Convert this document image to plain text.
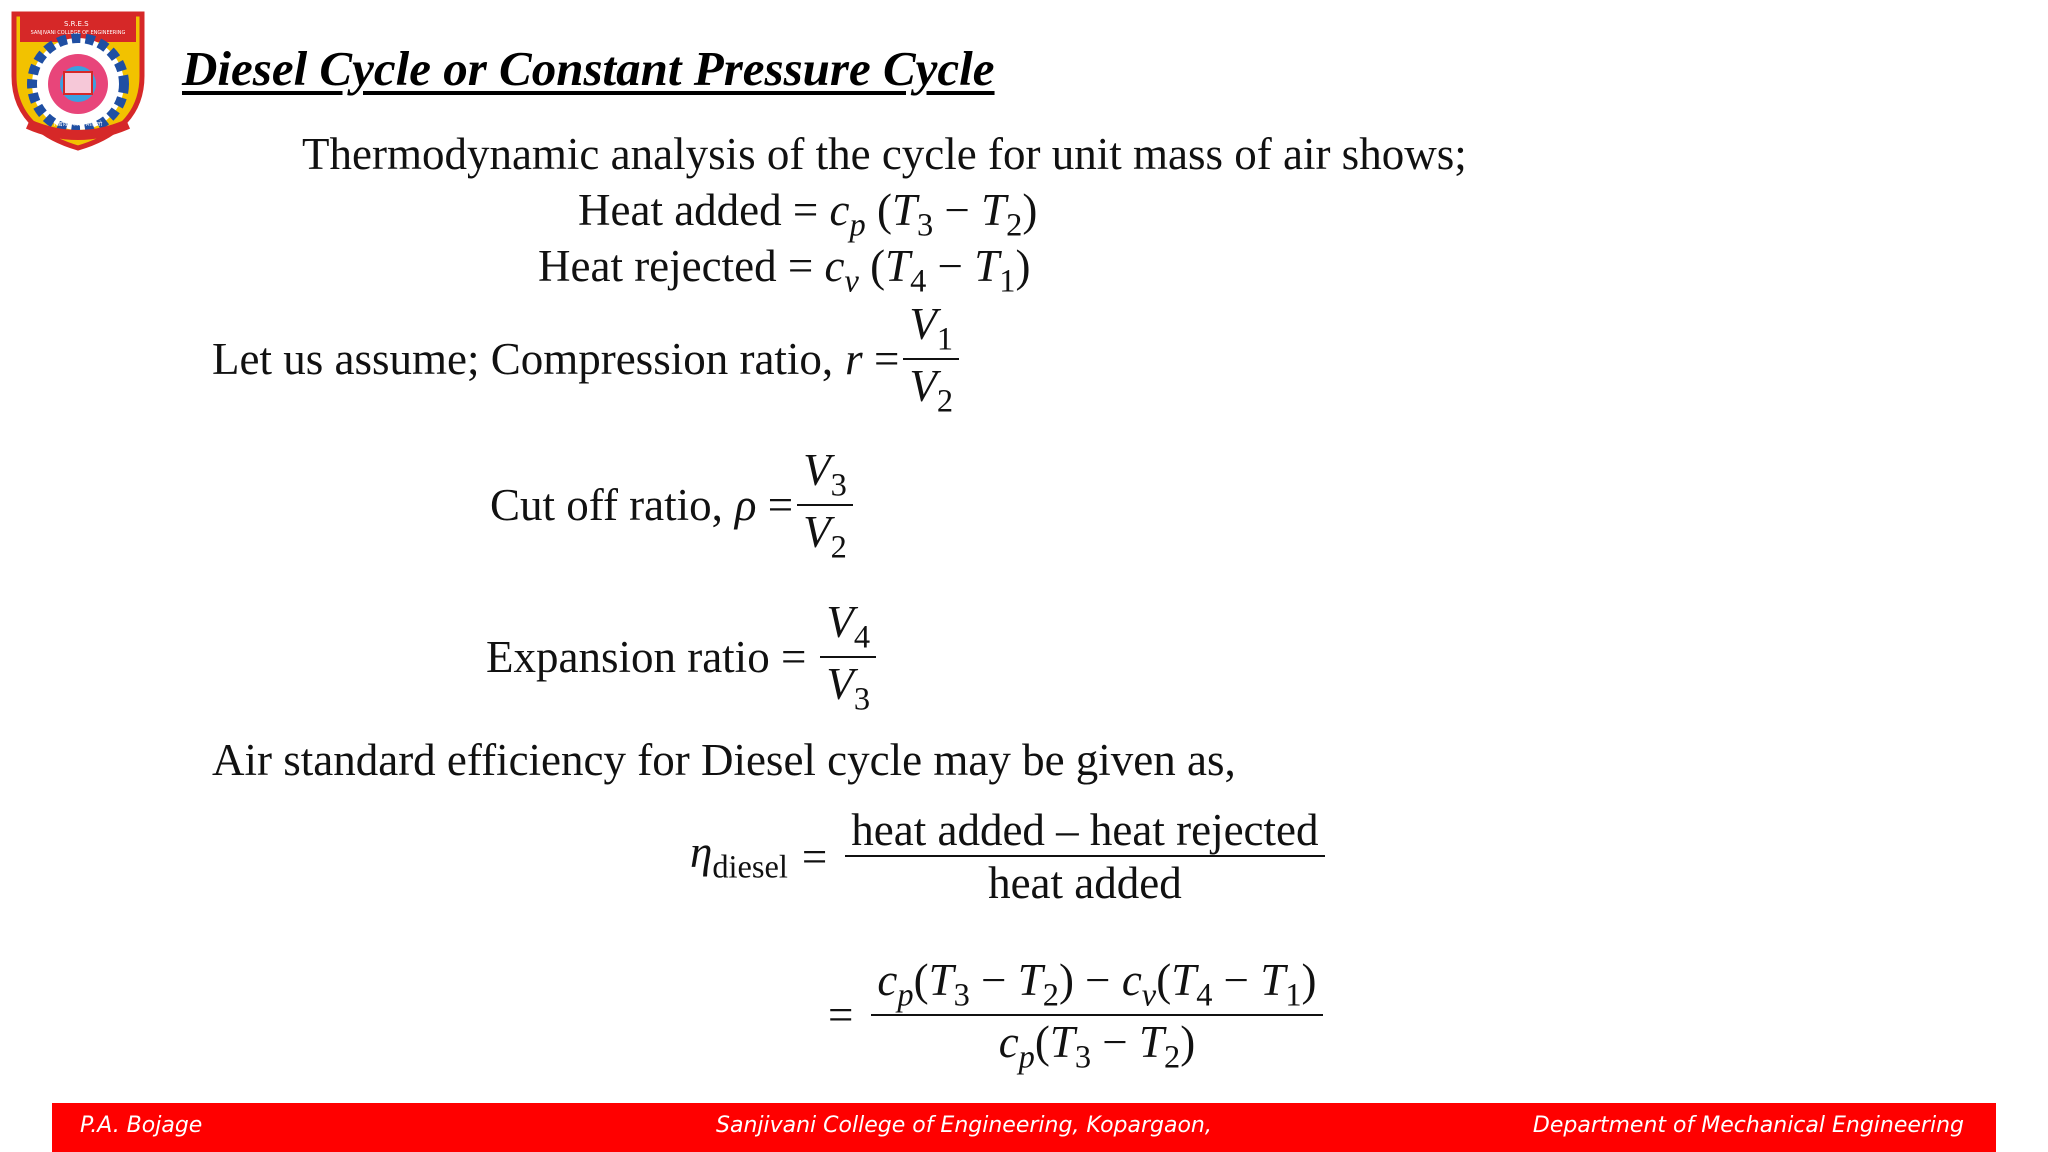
S.R.E.S
SANJIVANI COLLEGE OF ENGINEERING
विद्यावंत सततं शिक्षितो
Diesel Cycle or Constant Pressure Cycle
Thermodynamic analysis of the cycle for unit mass of air shows;
Heat added = $c_p$ $(T_3 - T_2)$
Heat rejected = $c_v$ $(T_4 - T_1)$
Let us assume; Compression ratio, $r = \frac{V_1}{V_2}$
Cut off ratio, $\rho = \frac{V_3}{V_2}$
Expansion ratio = $\frac{V_4}{V_3}$
Air standard efficiency for Diesel cycle may be given as,
$\eta_{diesel} = \frac{\text{heat added – heat rejected}}{\text{heat added}}$
= $\frac{c_p(T_3 - T_2) - c_v(T_4 - T_1)}{c_p(T_3 - T_2)}$
P.A. Bojage	Sanjivani College of Engineering, Kopargaon,	Department of Mechanical Engineering
